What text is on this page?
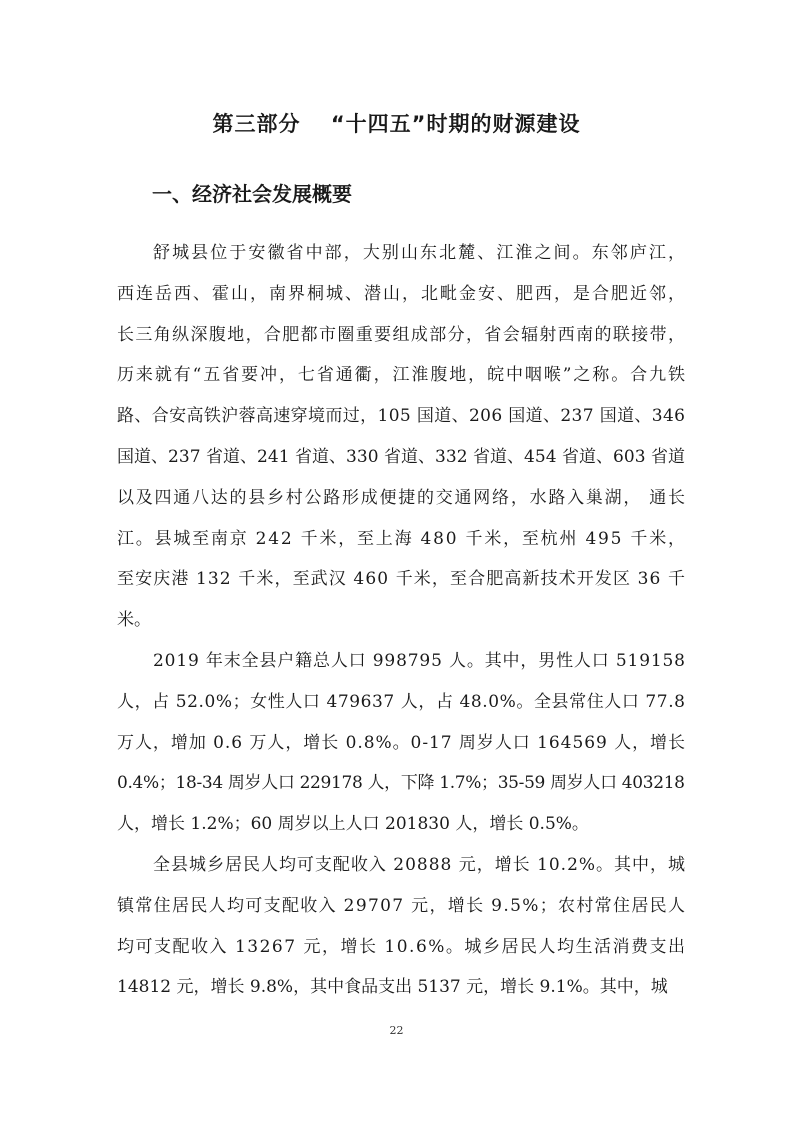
第三部分　 “十四五”时期的财源建设
一、经济社会发展概要
舒城县位于安徽省中部，大别山东北麓、江淮之间。东邻庐江，
西连岳西、霍山，南界桐城、潜山，北毗金安、肥西，是合肥近邻，
长三角纵深腹地，合肥都市圈重要组成部分，省会辐射西南的联接带，
历来就有“五省要冲，七省通衢，江淮腹地，皖中咽喉”之称。合九铁
路、合安高铁沪蓉高速穿境而过，105 国道、206 国道、237 国道、346
国道、237 省道、241 省道、330 省道、332 省道、454 省道、603 省道
以及四通八达的县乡村公路形成便捷的交通网络，水路入巢湖， 通长
江。县城至南京 242 千米，至上海 480 千米，至杭州 495 千米，
至安庆港 132 千米，至武汉 460 千米，至合肥高新技术开发区 36 千
米。
2019 年末全县户籍总人口 998795 人。其中，男性人口 519158
人，占 52.0%；女性人口 479637 人，占 48.0%。全县常住人口 77.8
万人，增加 0.6 万人，增长 0.8%。0-17 周岁人口 164569 人，增长
0.4%；18-34 周岁人口 229178 人，下降 1.7%；35-59 周岁人口 403218
人，增长 1.2%；60 周岁以上人口 201830 人，增长 0.5%。
全县城乡居民人均可支配收入 20888 元，增长 10.2%。其中，城
镇常住居民人均可支配收入 29707 元，增长 9.5%；农村常住居民人
均可支配收入 13267 元，增长 10.6%。城乡居民人均生活消费支出
14812 元，增长 9.8%，其中食品支出 5137 元，增长 9.1%。其中，城
22
